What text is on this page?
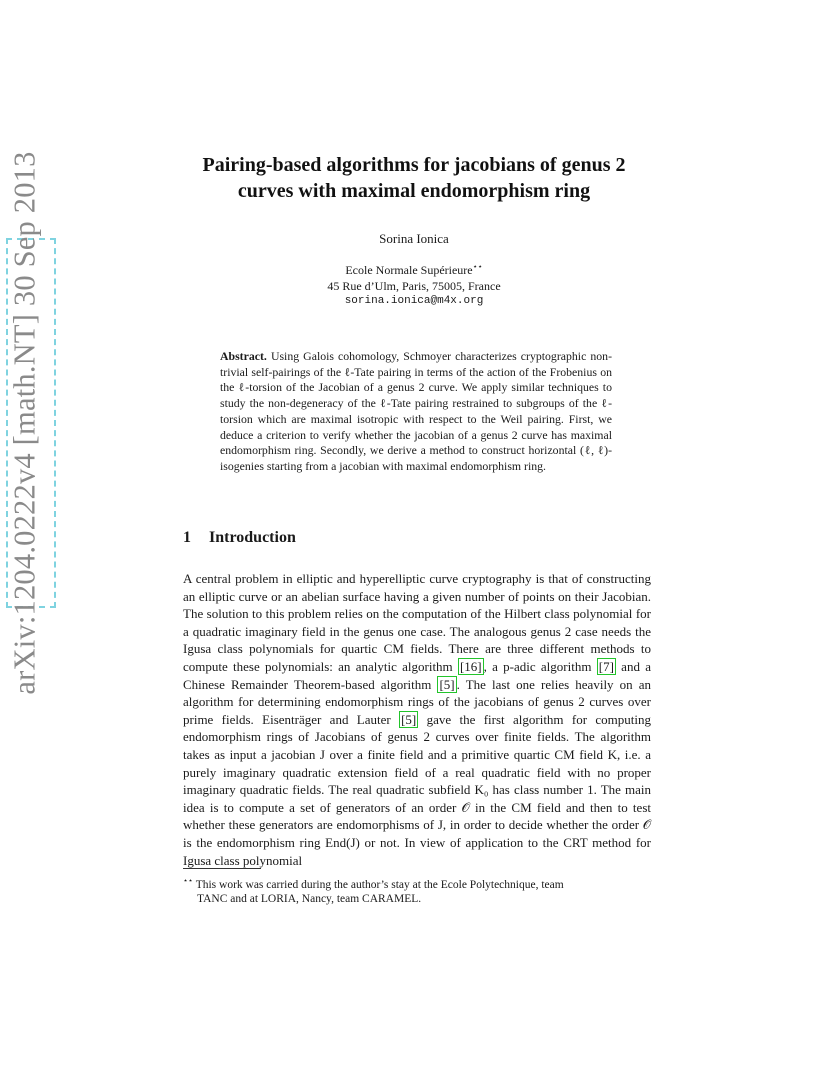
arXiv:1204.0222v4 [math.NT] 30 Sep 2013	Pairing-based algorithms for jacobians of genus 2
curves with maximal endomorphism ring
Sorina Ionica
Ecole Normale Supérieure⋆⋆
45 Rue d’Ulm, Paris, 75005, France
sorina.ionica@m4x.org
Abstract. Using Galois cohomology, Schmoyer characterizes cryptographic non-trivial self-pairings of the ℓ-Tate pairing in terms of the action of the Frobenius on the ℓ-torsion of the Jacobian of a genus 2 curve. We apply similar techniques to study the non-degeneracy of the ℓ-Tate pairing restrained to subgroups of the ℓ-torsion which are maximal isotropic with respect to the Weil pairing. First, we deduce a criterion to verify whether the jacobian of a genus 2 curve has maximal endomorphism ring. Secondly, we derive a method to construct horizontal (ℓ, ℓ)-isogenies starting from a jacobian with maximal endomorphism ring.
1 Introduction

A central problem in elliptic and hyperelliptic curve cryptography is that of constructing an elliptic curve or an abelian surface having a given number of points on their Jacobian. The solution to this problem relies on the computation of the Hilbert class polynomial for a quadratic imaginary field in the genus one case. The analogous genus 2 case needs the Igusa class polynomials for quartic CM fields. There are three different methods to compute these polynomials: an analytic algorithm [16] , a p-adic algorithm [7] and a Chinese Remainder Theorem-based algorithm [5] . The last one relies heavily on an algorithm for determining endomorphism rings of the jacobians of genus 2 curves over prime fields. Eisenträger and Lauter [5] gave the first algorithm for computing endomorphism rings of Jacobians of genus 2 curves over finite fields. The algorithm takes as input a jacobian J over a finite field and a primitive quartic CM field K, i.e. a purely imaginary quadratic extension field of a real quadratic field with no proper imaginary quadratic fields. The real quadratic subfield K₀ has class number 1. The main idea is to compute a set of generators of an order 𝒪 in the CM field and then to test whether these generators are endomorphisms of J, in order to decide whether the order 𝒪 is the endomorphism ring End(J) or not. In view of application to the CRT method for Igusa class polynomial

⋆⋆ This work was carried during the author’s stay at the Ecole Polytechnique, team
TANC and at LORIA, Nancy, team CARAMEL.
